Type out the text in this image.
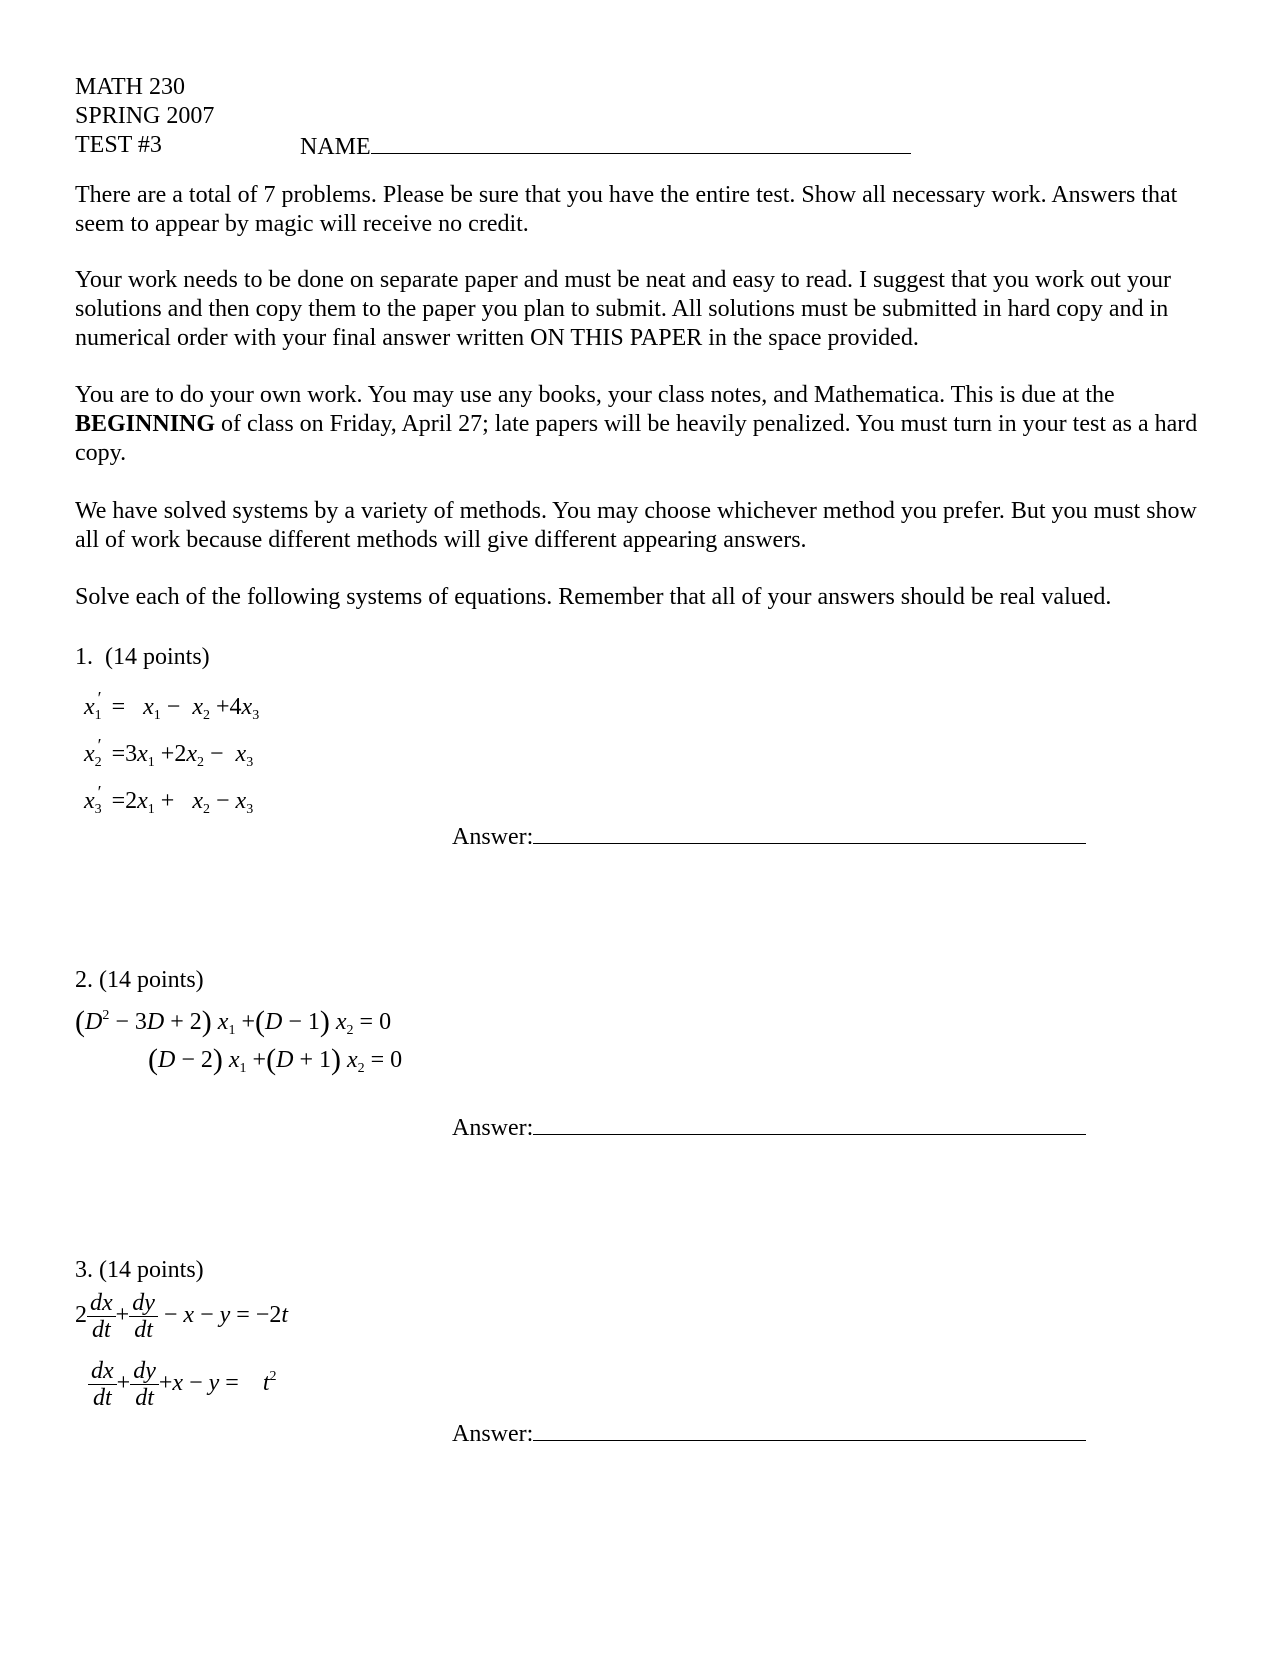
MATH 230
SPRING 2007
TEST #3	NAME

There are a total of 7 problems. Please be sure that you have the entire test. Show all necessary work. Answers that seem to appear by magic will receive no credit.

Your work needs to be done on separate paper and must be neat and easy to read. I suggest that you work out your solutions and then copy them to the paper you plan to submit. All solutions must be submitted in hard copy and in numerical order with your final answer written ON THIS PAPER in the space provided.

You are to do your own work. You may use any books, your class notes, and Mathematica. This is due at the BEGINNING of class on Friday, April 27; late papers will be heavily penalized. You must turn in your test as a hard copy.

We have solved systems by a variety of methods. You may choose whichever method you prefer. But you must show all of work because different methods will give different appearing answers.

Solve each of the following systems of equations. Remember that all of your answers should be real valued.

1. (14 points)
$x_1' = x_1 - x_2 +4x_3$
$x_2' =3x_1 +2x_2 - x_3$
$x_3' =2x_1 + x_2 - x_3$
Answer:
2. (14 points)
$(D^2 - 3D + 2)$ $x_1 +(D - 1) x_2 = 0$
(D − 2) $x_1 +(D + 1) x_2 = 0$
Answer:
3. (14 points)
$2 \frac{dx}{dt} + \frac{dy}{dt} - x - y = -2t$
$\frac{dx}{dt} + \frac{dy}{dt} +x - y$ =    $t^2$
Answer:
